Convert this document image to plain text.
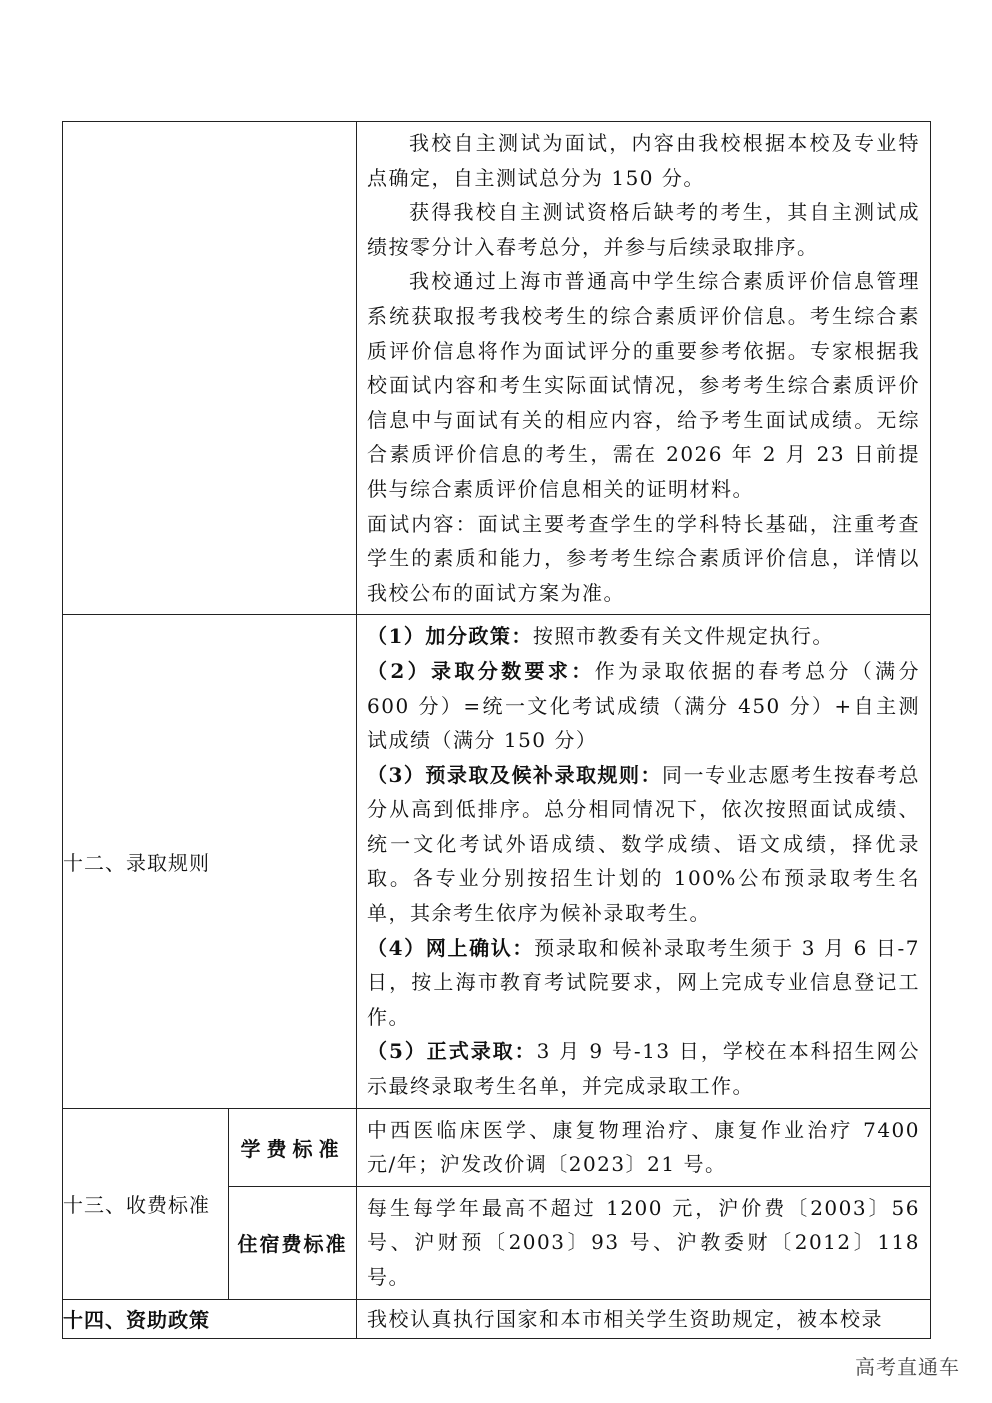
		我校自主测试为面试，内容由我校根据本校及专业特点确定，自主测试总分为 150 分。

获得我校自主测试资格后缺考的考生，其自主测试成绩按零分计入春考总分，并参与后续录取排序。

我校通过上海市普通高中学生综合素质评价信息管理系统获取报考我校考生的综合素质评价信息。考生综合素质评价信息将作为面试评分的重要参考依据。专家根据我校面试内容和考生实际面试情况，参考考生综合素质评价信息中与面试有关的相应内容，给予考生面试成绩。无综合素质评价信息的考生，需在 2026 年 2 月 23 日前提供与综合素质评价信息相关的证明材料。

面试内容：面试主要考查学生的学科特长基础，注重考查学生的素质和能力，参考考生综合素质评价信息，详情以我校公布的面试方案为准。

十二、录取规则		（1）加分政策：按照市教委有关文件规定执行。

（2）录取分数要求：作为录取依据的春考总分（满分 600 分）=统一文化考试成绩（满分 450 分）+自主测试成绩（满分 150 分）

（3）预录取及候补录取规则：同一专业志愿考生按春考总分从高到低排序。总分相同情况下，依次按照面试成绩、统一文化考试外语成绩、数学成绩、语文成绩，择优录取。各专业分别按招生计划的 100%公布预录取考生名单，其余考生依序为候补录取考生。

（4）网上确认：预录取和候补录取考生须于 3 月 6 日-7 日，按上海市教育考试院要求，网上完成专业信息登记工作。

（5）正式录取：3 月 9 号-13 日，学校在本科招生网公示最终录取考生名单，并完成录取工作。

十三、收费标准	学费标准	中西医临床医学、康复物理治疗、康复作业治疗 7400 元/年；沪发改价调〔2023〕21 号。

	住宿费标准	每生每学年最高不超过 1200 元，沪价费〔2003〕56 号、沪财预〔2003〕93 号、沪教委财〔2012〕118 号。

十四、资助政策		我校认真执行国家和本市相关学生资助规定，被本校录

高考直通车
